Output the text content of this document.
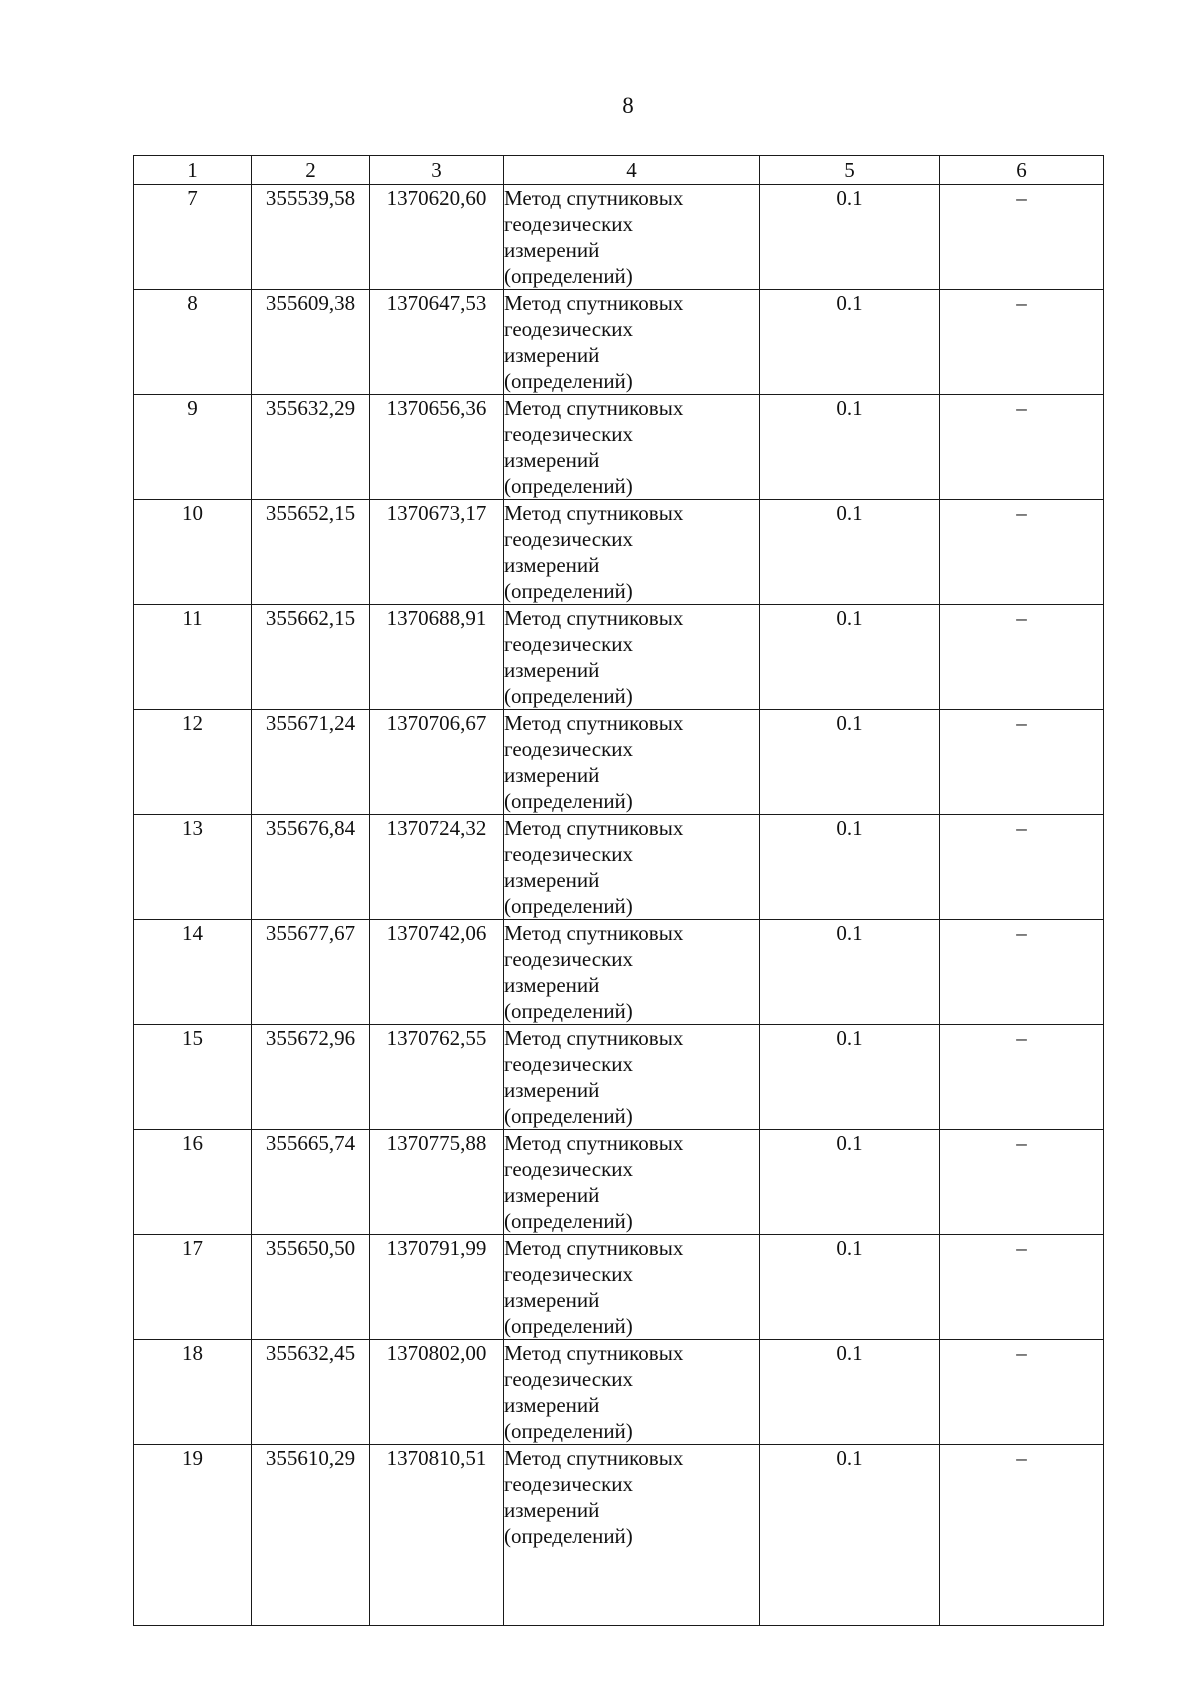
8
1	2	3	4	5	6
7	355539,58	1370620,60	Метод спутниковых
геодезических
измерений
(определений)	0.1	–
8	355609,38	1370647,53	Метод спутниковых
геодезических
измерений
(определений)	0.1	–
9	355632,29	1370656,36	Метод спутниковых
геодезических
измерений
(определений)	0.1	–
10	355652,15	1370673,17	Метод спутниковых
геодезических
измерений
(определений)	0.1	–
11	355662,15	1370688,91	Метод спутниковых
геодезических
измерений
(определений)	0.1	–
12	355671,24	1370706,67	Метод спутниковых
геодезических
измерений
(определений)	0.1	–
13	355676,84	1370724,32	Метод спутниковых
геодезических
измерений
(определений)	0.1	–
14	355677,67	1370742,06	Метод спутниковых
геодезических
измерений
(определений)	0.1	–
15	355672,96	1370762,55	Метод спутниковых
геодезических
измерений
(определений)	0.1	–
16	355665,74	1370775,88	Метод спутниковых
геодезических
измерений
(определений)	0.1	–
17	355650,50	1370791,99	Метод спутниковых
геодезических
измерений
(определений)	0.1	–
18	355632,45	1370802,00	Метод спутниковых
геодезических
измерений
(определений)	0.1	–
19	355610,29	1370810,51	Метод спутниковых
геодезических
измерений
(определений)	0.1	–
